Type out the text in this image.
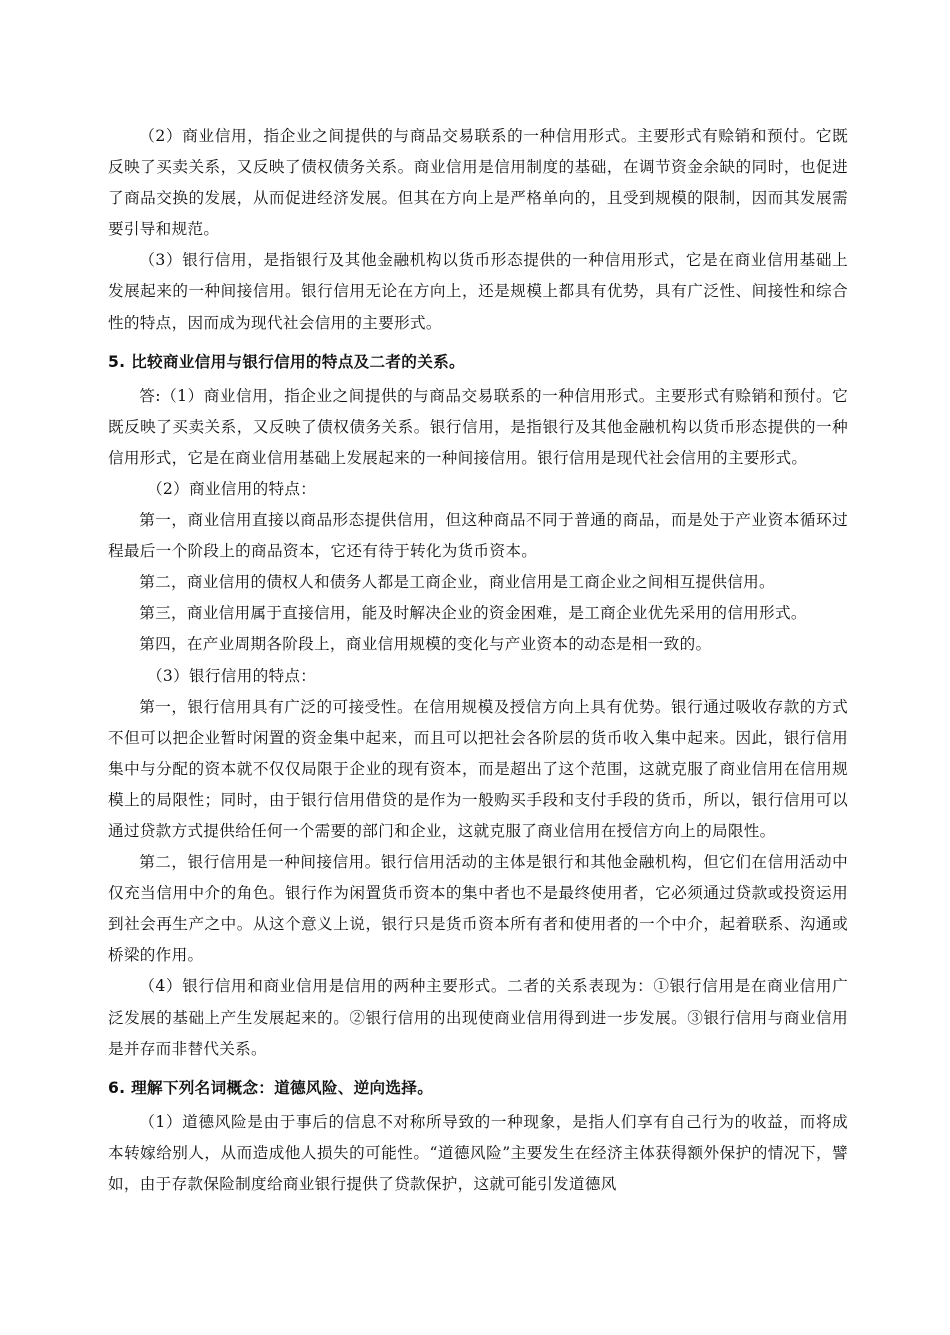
（2）商业信用，指企业之间提供的与商品交易联系的一种信用形式。主要形式有赊销和预付。它既反映了买卖关系，又反映了债权债务关系。商业信用是信用制度的基础，在调节资金余缺的同时，也促进了商品交换的发展，从而促进经济发展。但其在方向上是严格单向的，且受到规模的限制，因而其发展需要引导和规范。

（3）银行信用，是指银行及其他金融机构以货币形态提供的一种信用形式，它是在商业信用基础上发展起来的一种间接信用。银行信用无论在方向上，还是规模上都具有优势，具有广泛性、间接性和综合性的特点，因而成为现代社会信用的主要形式。

5. 比较商业信用与银行信用的特点及二者的关系。

答:（1）商业信用，指企业之间提供的与商品交易联系的一种信用形式。主要形式有赊销和预付。它既反映了买卖关系，又反映了债权债务关系。银行信用，是指银行及其他金融机构以货币形态提供的一种信用形式，它是在商业信用基础上发展起来的一种间接信用。银行信用是现代社会信用的主要形式。

（2）商业信用的特点：

第一，商业信用直接以商品形态提供信用，但这种商品不同于普通的商品，而是处于产业资本循环过程最后一个阶段上的商品资本，它还有待于转化为货币资本。

第二，商业信用的债权人和债务人都是工商企业，商业信用是工商企业之间相互提供信用。

第三，商业信用属于直接信用，能及时解决企业的资金困难，是工商企业优先采用的信用形式。

第四，在产业周期各阶段上，商业信用规模的变化与产业资本的动态是相一致的。

（3）银行信用的特点：

第一，银行信用具有广泛的可接受性。在信用规模及授信方向上具有优势。银行通过吸收存款的方式不但可以把企业暂时闲置的资金集中起来，而且可以把社会各阶层的货币收入集中起来。因此，银行信用集中与分配的资本就不仅仅局限于企业的现有资本，而是超出了这个范围，这就克服了商业信用在信用规模上的局限性；同时，由于银行信用借贷的是作为一般购买手段和支付手段的货币，所以，银行信用可以通过贷款方式提供给任何一个需要的部门和企业，这就克服了商业信用在授信方向上的局限性。

第二，银行信用是一种间接信用。银行信用活动的主体是银行和其他金融机构，但它们在信用活动中仅充当信用中介的角色。银行作为闲置货币资本的集中者也不是最终使用者，它必须通过贷款或投资运用到社会再生产之中。从这个意义上说，银行只是货币资本所有者和使用者的一个中介，起着联系、沟通或桥梁的作用。

（4）银行信用和商业信用是信用的两种主要形式。二者的关系表现为：①银行信用是在商业信用广泛发展的基础上产生发展起来的。②银行信用的出现使商业信用得到进一步发展。③银行信用与商业信用是并存而非替代关系。

6. 理解下列名词概念：道德风险、逆向选择。

（1）道德风险是由于事后的信息不对称所导致的一种现象，是指人们享有自己行为的收益，而将成本转嫁给别人，从而造成他人损失的可能性。“道德风险”主要发生在经济主体获得额外保护的情况下，譬如，由于存款保险制度给商业银行提供了贷款保护，这就可能引发道德风
